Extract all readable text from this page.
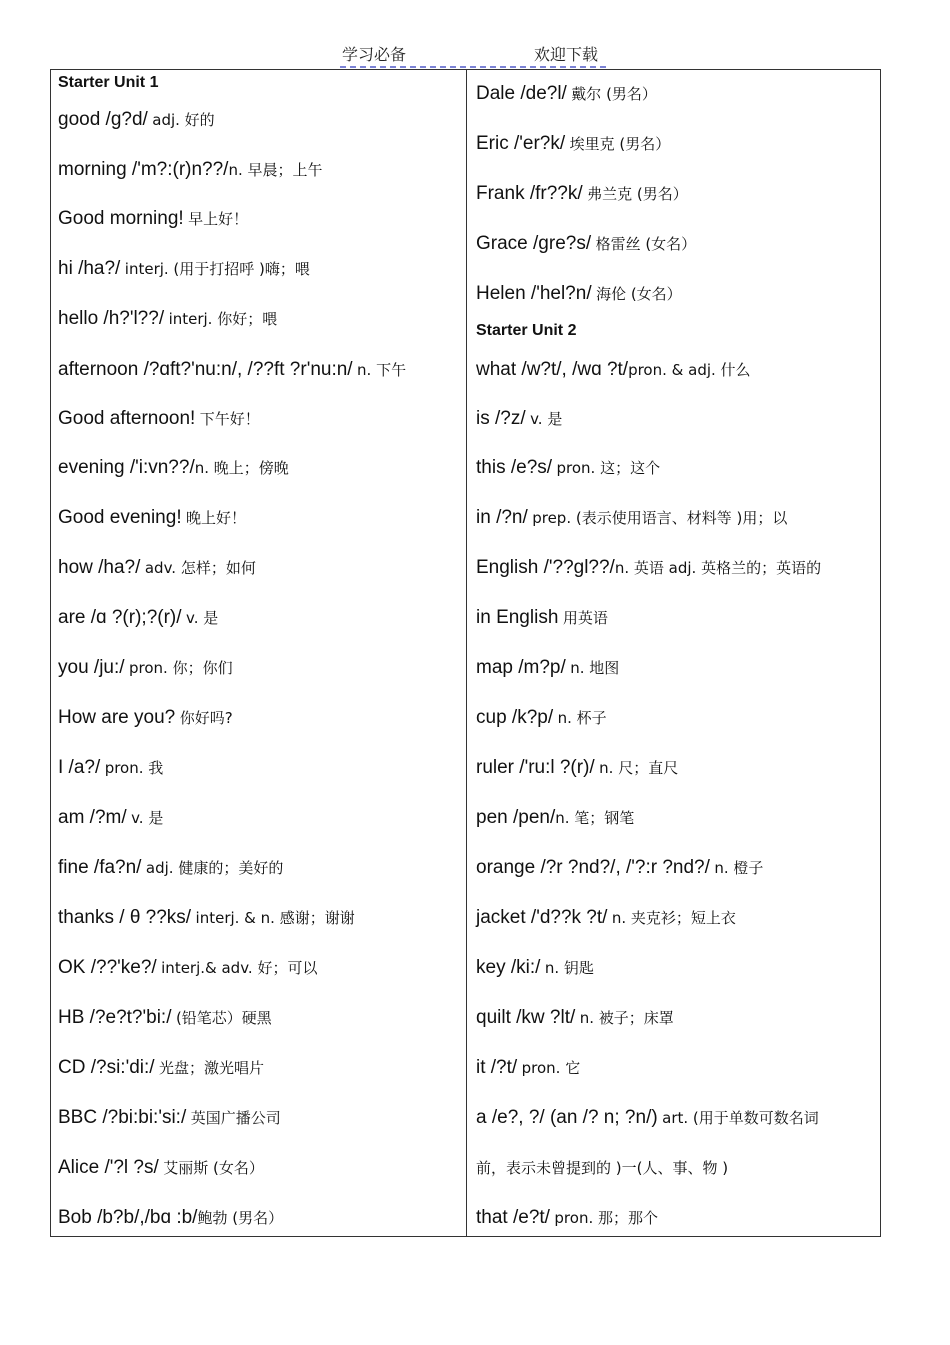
学习必备	欢迎下载
Starter Unit 1
good /g?d/ adj. 好的
morning /'m?:(r)n??/n. 早晨；上午
Good morning! 早上好！
hi /ha?/ interj. (用于打招呼 )嗨；喂
hello /h?'l??/ interj. 你好；喂
afternoon /?ɑft?'nu:n/, /??ft ?r'nu:n/ n. 下午
Good afternoon! 下午好！
evening /'i:vn??/n. 晚上；傍晚
Good evening! 晚上好！
how /ha?/ adv. 怎样；如何
are /ɑ ?(r);?(r)/ v. 是
you /ju:/ pron. 你；你们
How are you? 你好吗?
I /a?/ pron. 我
am /?m/ v. 是
fine /fa?n/ adj. 健康的；美好的
thanks / θ ??ks/ interj. & n. 感谢；谢谢
OK /??'ke?/ interj.& adv. 好；可以
HB /?e?t?'bi:/ (铅笔芯）硬黑
CD /?si:'di:/ 光盘；激光唱片
BBC /?bi:bi:'si:/ 英国广播公司
Alice /'?l ?s/ 艾丽斯 (女名）
Bob /b?b/,/bɑ :b/鲍勃 (男名）
Dale /de?l/ 戴尔 (男名）
Eric /'er?k/ 埃里克 (男名）
Frank /fr??k/ 弗兰克 (男名）
Grace /gre?s/ 格雷丝 (女名）
Helen /'hel?n/ 海伦 (女名）
Starter Unit 2
what /w?t/, /wɑ ?t/pron. & adj. 什么
is /?z/ v. 是
this /e?s/ pron. 这；这个
in /?n/ prep. (表示使用语言、材料等 )用；以
English /'??gl??/n. 英语 adj. 英格兰的；英语的
in English 用英语
map /m?p/ n. 地图
cup /k?p/ n. 杯子
ruler /'ru:l ?(r)/ n. 尺；直尺
pen /pen/n. 笔；钢笔
orange /?r ?nd?/, /'?:r ?nd?/ n. 橙子
jacket /'d??k ?t/ n. 夹克衫；短上衣
key /ki:/ n. 钥匙
quilt /kw ?lt/ n. 被子；床罩
it /?t/ pron. 它
a /e?, ?/ (an /? n; ?n/) art. (用于单数可数名词
前，表示未曾提到的 )一(人、事、物 )
that /e?t/ pron. 那；那个
